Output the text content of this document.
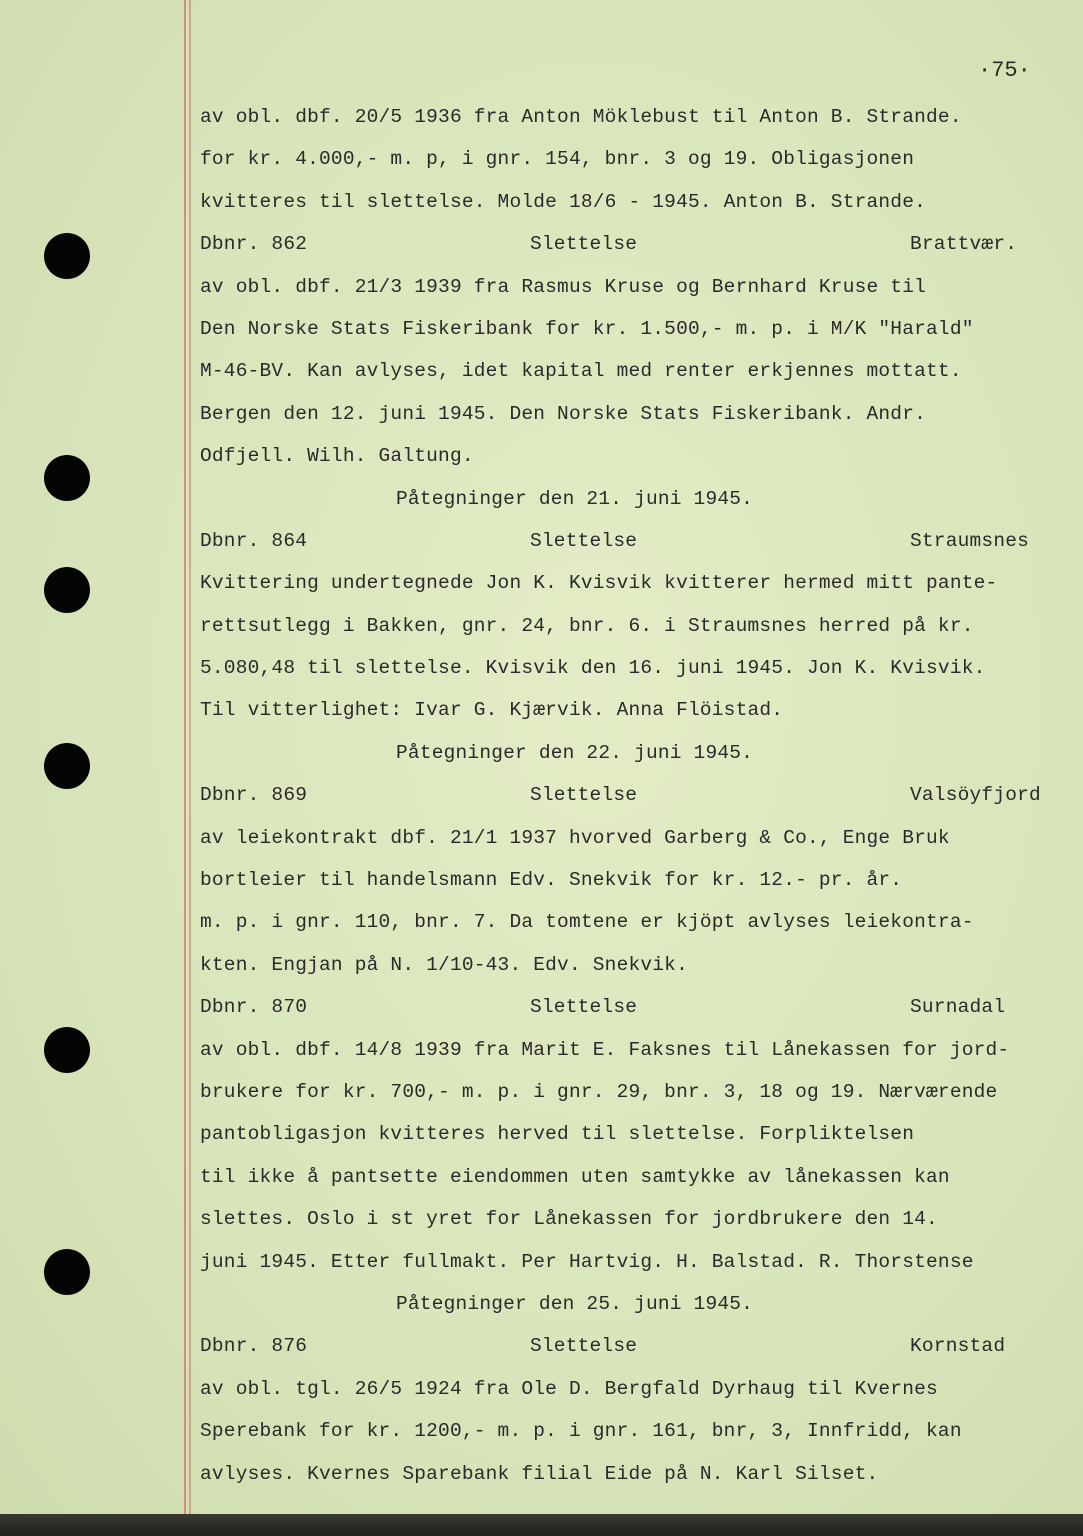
·75·
av obl. dbf. 20/5 1936 fra Anton Möklebust til Anton B. Strande.
for kr. 4.000,- m. p, i gnr. 154, bnr. 3 og 19. Obligasjonen
kvitteres til slettelse. Molde 18/6 - 1945. Anton B. Strande.
Dbnr. 862	Slettelse	Brattvær.
av obl. dbf. 21/3 1939 fra Rasmus Kruse og Bernhard Kruse til
Den Norske Stats Fiskeribank for kr. 1.500,- m. p. i M/K "Harald"
M-46-BV. Kan avlyses, idet kapital med renter erkjennes mottatt.
Bergen den 12. juni 1945. Den Norske Stats Fiskeribank. Andr.
Odfjell. Wilh. Galtung.
Påtegninger den 21. juni 1945.
Dbnr. 864	Slettelse	Straumsnes
Kvittering undertegnede Jon K. Kvisvik kvitterer hermed mitt pante-
rettsutlegg i Bakken, gnr. 24, bnr. 6. i Straumsnes herred på kr.
5.080,48 til slettelse. Kvisvik den 16. juni 1945. Jon K. Kvisvik.
Til vitterlighet: Ivar G. Kjærvik. Anna Flöistad.
Påtegninger den 22. juni 1945.
Dbnr. 869	Slettelse	Valsöyfjord
av leiekontrakt dbf. 21/1 1937 hvorved Garberg & Co., Enge Bruk
bortleier til handelsmann Edv. Snekvik for kr. 12.- pr. år.
m. p. i gnr. 110, bnr. 7. Da tomtene er kjöpt avlyses leiekontra-
kten. Engjan på N. 1/10-43. Edv. Snekvik.
Dbnr. 870	Slettelse	Surnadal
av obl. dbf. 14/8 1939 fra Marit E. Faksnes til Lånekassen for jord-
brukere for kr. 700,- m. p. i gnr. 29, bnr. 3, 18 og 19. Nærværende
pantobligasjon kvitteres herved til slettelse. Forpliktelsen
til ikke å pantsette eiendommen uten samtykke av lånekassen kan
slettes. Oslo i st yret for Lånekassen for jordbrukere den 14.
juni 1945. Etter fullmakt. Per Hartvig. H. Balstad. R. Thorstense
Påtegninger den 25. juni 1945.
Dbnr. 876	Slettelse	Kornstad
av obl. tgl. 26/5 1924 fra Ole D. Bergfald Dyrhaug til Kvernes
Sperebank for kr. 1200,- m. p. i gnr. 161, bnr, 3, Innfridd, kan
avlyses. Kvernes Sparebank filial Eide på N. Karl Silset.
